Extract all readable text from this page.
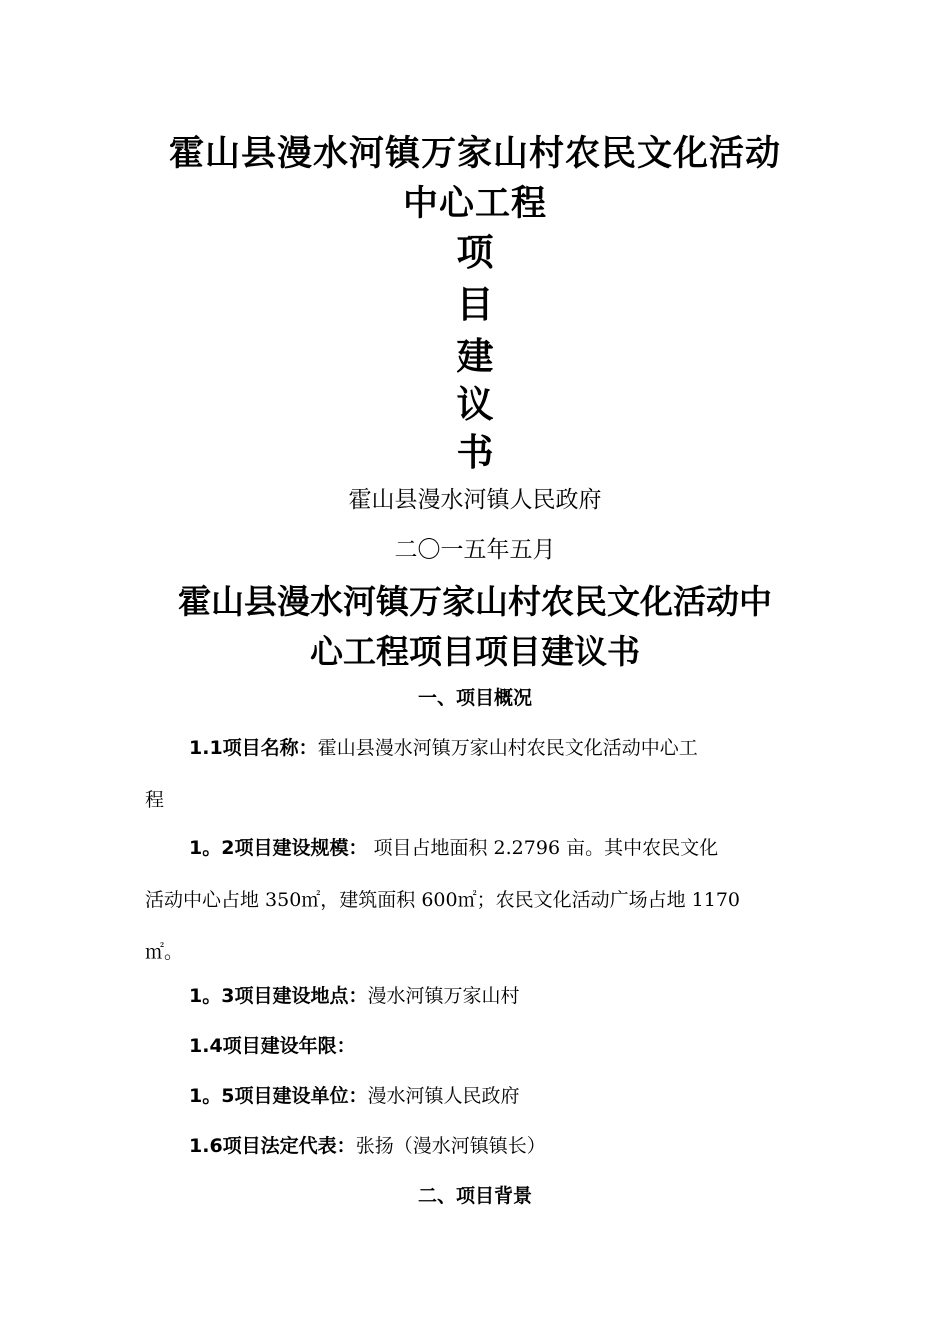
霍山县漫水河镇万家山村农民文化活动
中心工程
项
目
建
议
书
霍山县漫水河镇人民政府
二〇一五年五月
霍山县漫水河镇万家山村农民文化活动中
心工程项目项目建议书
一、项目概况
1.1项目名称：霍山县漫水河镇万家山村农民文化活动中心工
程
1。2项目建设规模： 项目占地面积 2.2796 亩。其中农民文化
活动中心占地 350㎡，建筑面积 600㎡；农民文化活动广场占地 1170
㎡。
1。3项目建设地点：漫水河镇万家山村
1.4项目建设年限：
1。5项目建设单位：漫水河镇人民政府
1.6项目法定代表：张扬（漫水河镇镇长）
二、项目背景
